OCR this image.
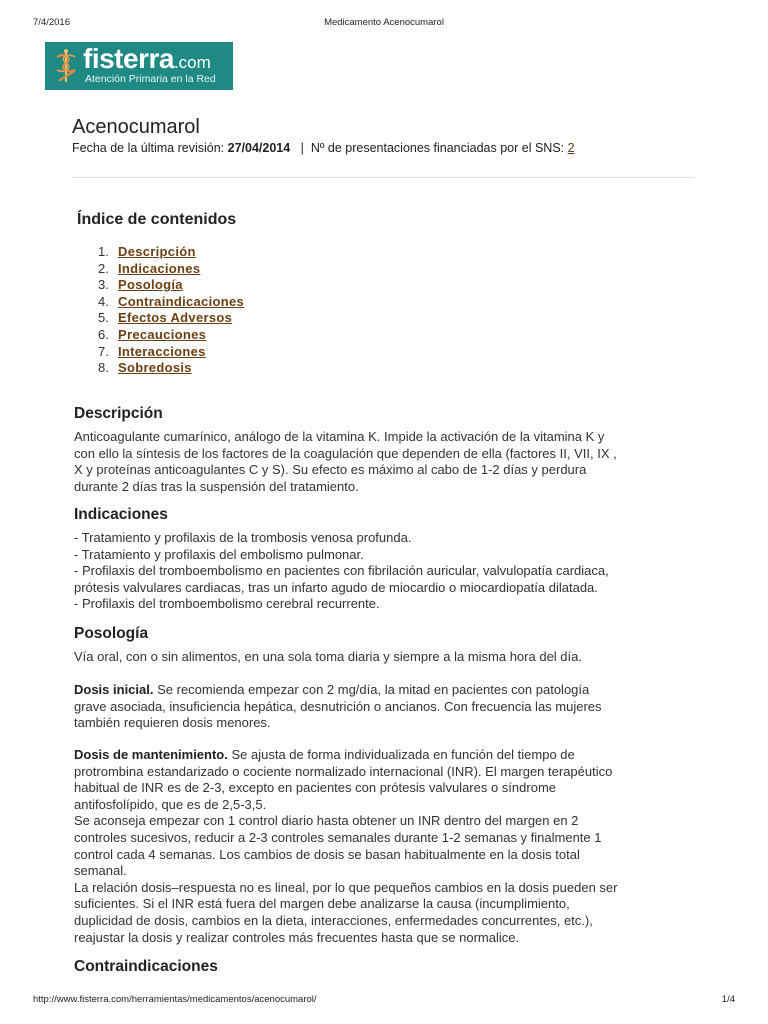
7/4/2016	Medicamento Acenocumarol
fisterra.com
Atención Primaria en la Red
Acenocumarol
Fecha de la última revisión: 27/04/2014 | Nº de presentaciones financiadas por el SNS: 2
Índice de contenidos
1. Descripción
2. Indicaciones
3. Posología
4. Contraindicaciones
5. Efectos Adversos
6. Precauciones
7. Interacciones
8. Sobredosis
Descripción
Anticoagulante cumarínico, análogo de la vitamina K. Impide la activación de la vitamina K y
con ello la síntesis de los factores de la coagulación que dependen de ella (factores II, VII, IX ,
X y proteínas anticoagulantes C y S). Su efecto es máximo al cabo de 1-2 días y perdura
durante 2 días tras la suspensión del tratamiento.
Indicaciones
- Tratamiento y profilaxis de la trombosis venosa profunda.
- Tratamiento y profilaxis del embolismo pulmonar.
- Profilaxis del tromboembolismo en pacientes con fibrilación auricular, valvulopatía cardiaca,
prótesis valvulares cardiacas, tras un infarto agudo de miocardio o miocardiopatía dilatada.
- Profilaxis del tromboembolismo cerebral recurrente.
Posología
Vía oral, con o sin alimentos, en una sola toma diaria y siempre a la misma hora del día.
Dosis inicial. Se recomienda empezar con 2 mg/día, la mitad en pacientes con patología
grave asociada, insuficiencia hepática, desnutrición o ancianos. Con frecuencia las mujeres
también requieren dosis menores.
Dosis de mantenimiento. Se ajusta de forma individualizada en función del tiempo de
protrombina estandarizado o cociente normalizado internacional (INR). El margen terapéutico
habitual de INR es de 2-3, excepto en pacientes con prótesis valvulares o síndrome
antifosfolípido, que es de 2,5-3,5.
Se aconseja empezar con 1 control diario hasta obtener un INR dentro del margen en 2
controles sucesivos, reducir a 2-3 controles semanales durante 1-2 semanas y finalmente 1
control cada 4 semanas. Los cambios de dosis se basan habitualmente en la dosis total
semanal.
La relación dosis–respuesta no es lineal, por lo que pequeños cambios en la dosis pueden ser
suficientes. Si el INR está fuera del margen debe analizarse la causa (incumplimiento,
duplicidad de dosis, cambios en la dieta, interacciones, enfermedades concurrentes, etc.),
reajustar la dosis y realizar controles más frecuentes hasta que se normalice.
Contraindicaciones
http://www.fisterra.com/herramientas/medicamentos/acenocumarol/	1/4
